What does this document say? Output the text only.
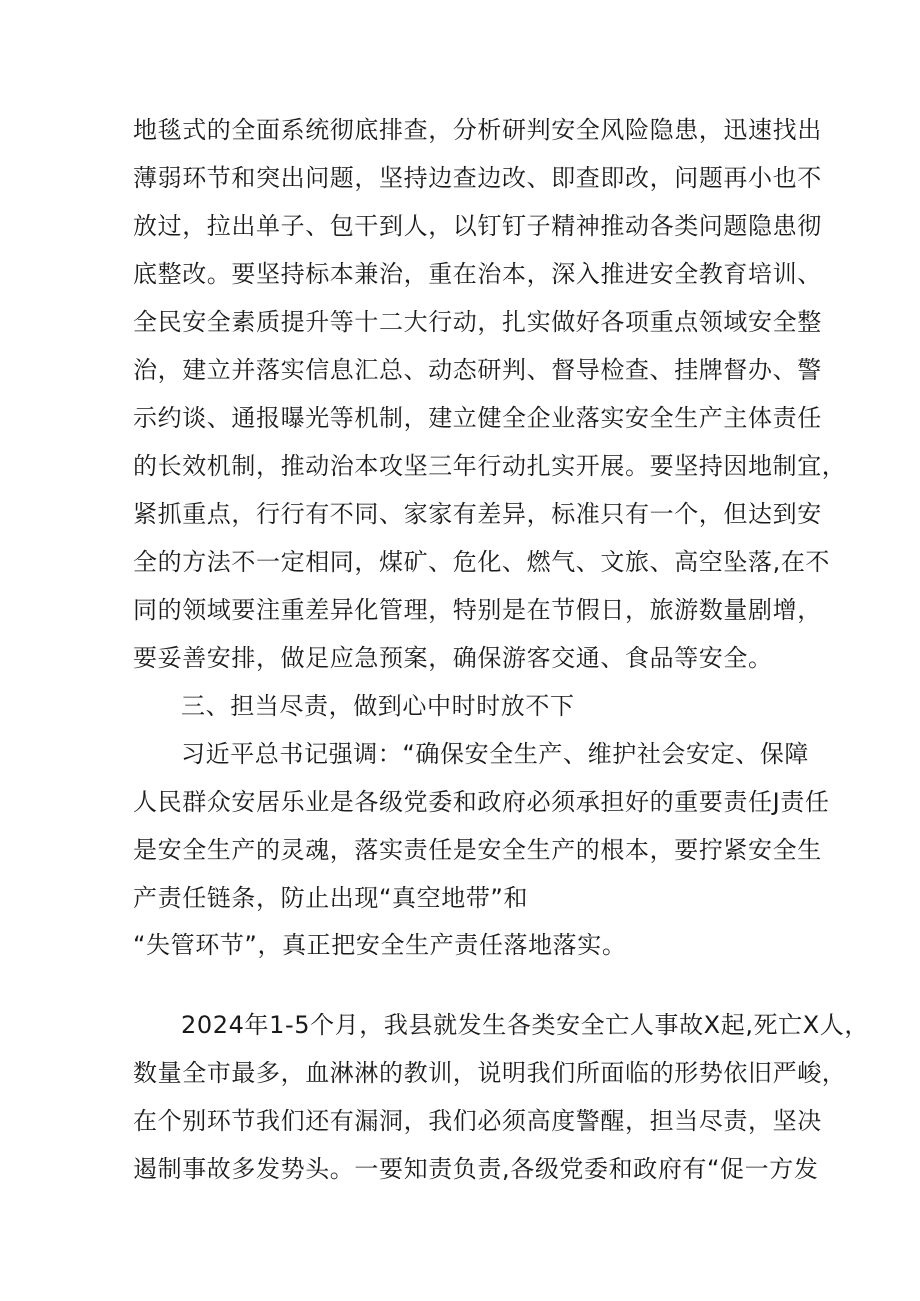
地毯式的全面系统彻底排查，分析研判安全风险隐患，迅速找出
薄弱环节和突出问题，坚持边查边改、即查即改，问题再小也不
放过，拉出单子、包干到人，以钉钉子精神推动各类问题隐患彻
底整改。要坚持标本兼治，重在治本，深入推进安全教育培训、
全民安全素质提升等十二大行动，扎实做好各项重点领域安全整
治，建立并落实信息汇总、动态研判、督导检查、挂牌督办、警
示约谈、通报曝光等机制，建立健全企业落实安全生产主体责任
的长效机制，推动治本攻坚三年行动扎实开展。要坚持因地制宜，
紧抓重点，行行有不同、家家有差异，标准只有一个，但达到安
全的方法不一定相同，煤矿、危化、燃气、文旅、高空坠落,在不
同的领域要注重差异化管理，特别是在节假日，旅游数量剧增，
要妥善安排，做足应急预案，确保游客交通、食品等安全。
三、担当尽责，做到心中时时放不下
习近平总书记强调：“确保安全生产、维护社会安定、保障
人民群众安居乐业是各级党委和政府必须承担好的重要责任J责任
是安全生产的灵魂，落实责任是安全生产的根本，要拧紧安全生
产责任链条，防止出现“真空地带”和
“失管环节”，真正把安全生产责任落地落实。
2024年1-5个月，我县就发生各类安全亡人事故X起,死亡X人，
数量全市最多，血淋淋的教训，说明我们所面临的形势依旧严峻，
在个别环节我们还有漏洞，我们必须高度警醒，担当尽责，坚决
遏制事故多发势头。一要知责负责,各级党委和政府有“促一方发
